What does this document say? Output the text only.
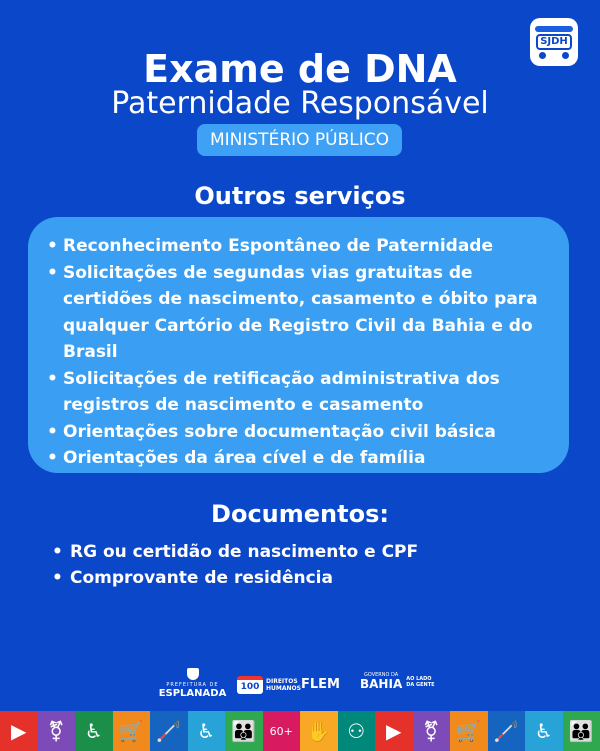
SJDH
Exame de DNA
Paternidade Responsável
MINISTÉRIO PÚBLICO
Outros serviços
• Reconhecimento Espontâneo de Paternidade
• Solicitações de segundas vias gratuitas de certidões de nascimento, casamento e óbito para qualquer Cartório de Registro Civil da Bahia e do Brasil
• Solicitações de retificação administrativa dos registros de nascimento e casamento
• Orientações sobre documentação civil básica
• Orientações da área cível e de família
Documentos:
• RG ou certidão de nascimento e CPF
• Comprovante de residência
PREFEITURA DE
ESPLANADA
100
DIREITOS
HUMANOS FLEM
GOVERNO DA
BAHIA AO LADO
DA GENTE
▶	⚧	♿ 🛒 🦯 ♿ 👪	60+ ✋ ⚇	▶	⚧ 🛒 🦯 ♿ 👪
